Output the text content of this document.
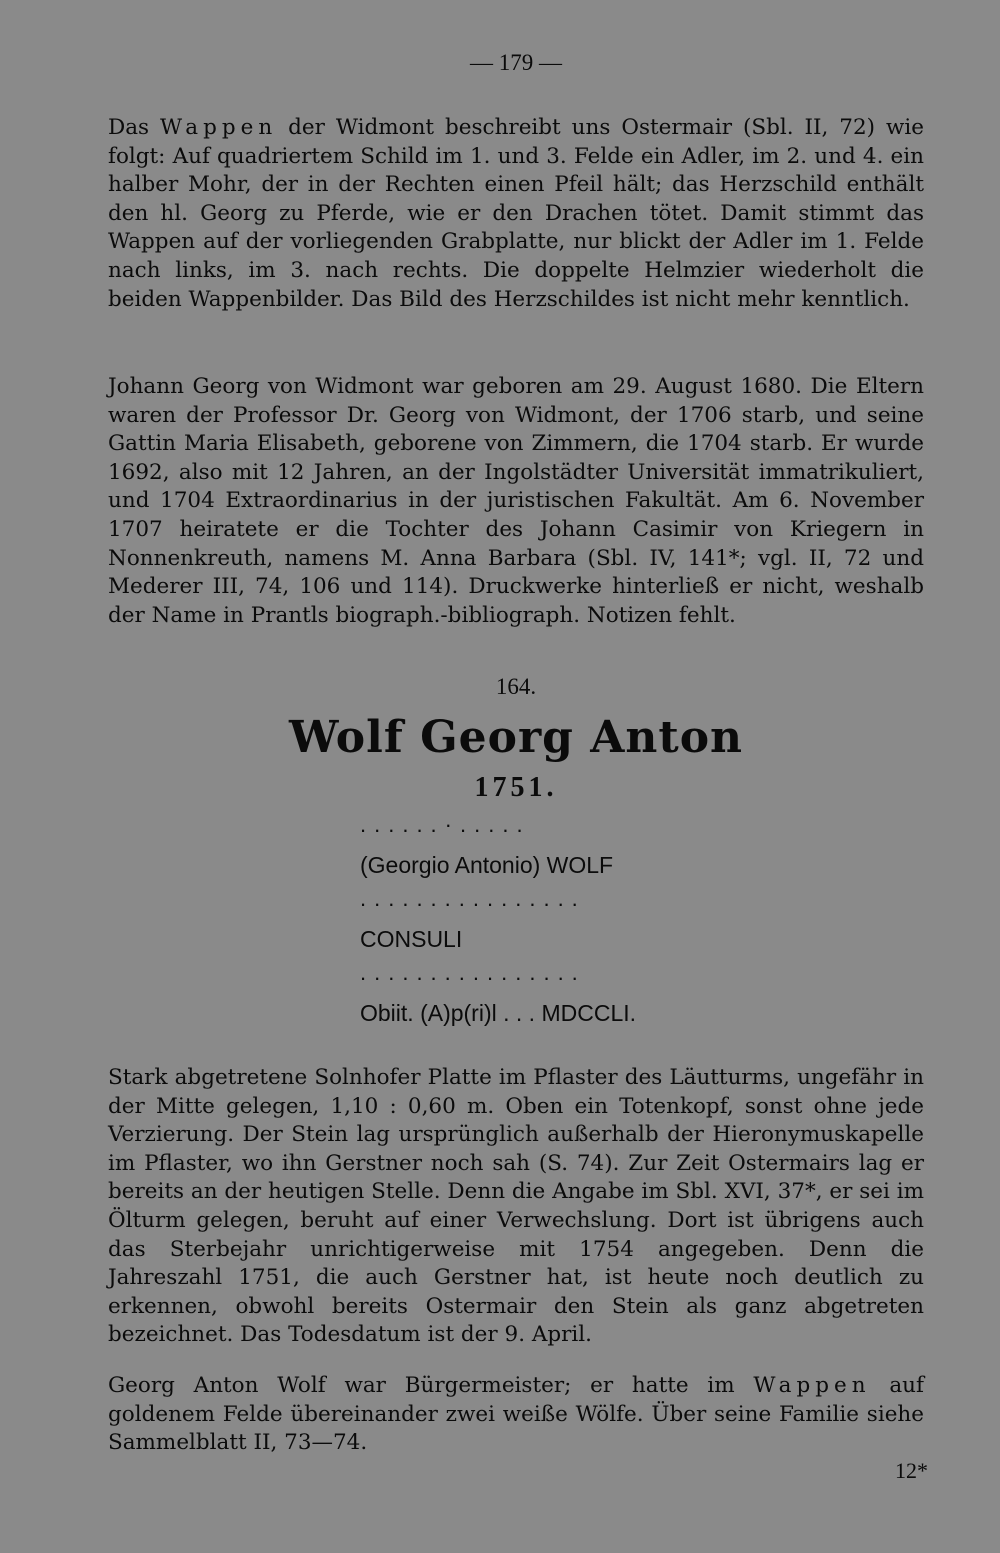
— 179 —
Das Wappen der Widmont beschreibt uns Ostermair (Sbl. II, 72) wie folgt: Auf quadriertem Schild im 1. und 3. Felde ein Adler, im 2. und 4. ein halber Mohr, der in der Rechten einen Pfeil hält; das Herzschild enthält den hl. Georg zu Pferde, wie er den Drachen tötet. Damit stimmt das Wappen auf der vorliegenden Grabplatte, nur blickt der Adler im 1. Felde nach links, im 3. nach rechts. Die doppelte Helmzier wiederholt die beiden Wappenbilder. Das Bild des Herzschildes ist nicht mehr kenntlich.
Johann Georg von Widmont war geboren am 29. August 1680. Die Eltern waren der Professor Dr. Georg von Widmont, der 1706 starb, und seine Gattin Maria Elisabeth, geborene von Zimmern, die 1704 starb. Er wurde 1692, also mit 12 Jahren, an der Ingolstädter Universität immatrikuliert, und 1704 Extraordinarius in der juristischen Fakultät. Am 6. November 1707 heiratete er die Tochter des Johann Casimir von Kriegern in Nonnenkreuth, namens M. Anna Barbara (Sbl. IV, 141*; vgl. II, 72 und Mederer III, 74, 106 und 114). Druckwerke hinterließ er nicht, weshalb der Name in Prantls biograph.-bibliograph. Notizen fehlt.
164.
Wolf Georg Anton
1751.
......·.....
(Georgio Antonio) WOLF
................
CONSULI
................
Obiit. (A)p(ri)l . . . MDCCLI.
Stark abgetretene Solnhofer Platte im Pflaster des Läutturms, ungefähr in der Mitte gelegen, 1,10 : 0,60 m. Oben ein Totenkopf, sonst ohne jede Verzierung. Der Stein lag ursprünglich außerhalb der Hieronymuskapelle im Pflaster, wo ihn Gerstner noch sah (S. 74). Zur Zeit Ostermairs lag er bereits an der heutigen Stelle. Denn die Angabe im Sbl. XVI, 37*, er sei im Ölturm gelegen, beruht auf einer Verwechslung. Dort ist übrigens auch das Sterbejahr unrichtigerweise mit 1754 angegeben. Denn die Jahreszahl 1751, die auch Gerstner hat, ist heute noch deutlich zu erkennen, obwohl bereits Ostermair den Stein als ganz abgetreten bezeichnet. Das Todesdatum ist der 9. April.
Georg Anton Wolf war Bürgermeister; er hatte im Wappen auf goldenem Felde übereinander zwei weiße Wölfe. Über seine Familie siehe Sammelblatt II, 73—74.
12*
